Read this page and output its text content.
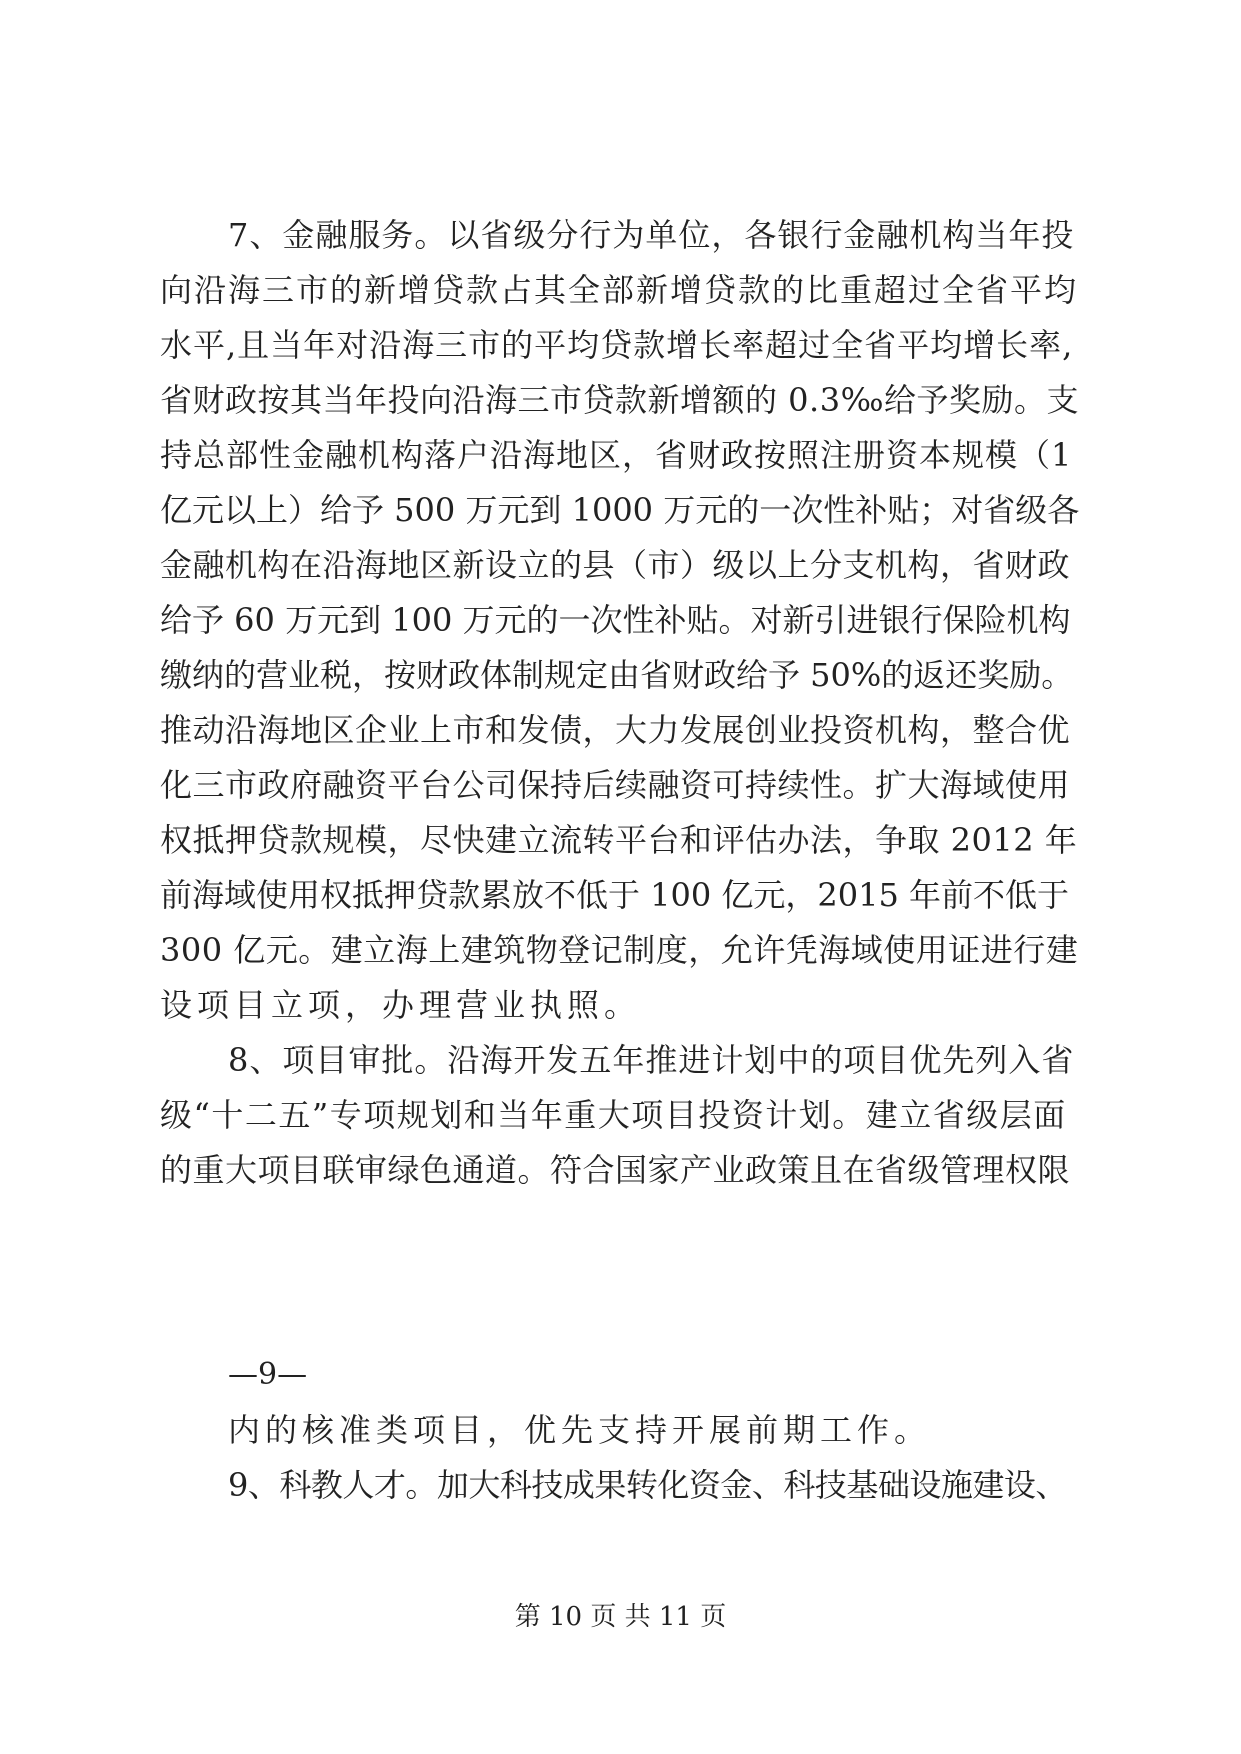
7、金融服务。以省级分行为单位，各银行金融机构当年投
向沿海三市的新增贷款占其全部新增贷款的比重超过全省平均
水平,且当年对沿海三市的平均贷款增长率超过全省平均增长率,
省财政按其当年投向沿海三市贷款新增额的 0.3‰给予奖励。支
持总部性金融机构落户沿海地区，省财政按照注册资本规模（1
亿元以上）给予 500 万元到 1000 万元的一次性补贴；对省级各
金融机构在沿海地区新设立的县（市）级以上分支机构，省财政
给予 60 万元到 100 万元的一次性补贴。对新引进银行保险机构
缴纳的营业税，按财政体制规定由省财政给予 50%的返还奖励。
推动沿海地区企业上市和发债，大力发展创业投资机构，整合优
化三市政府融资平台公司保持后续融资可持续性。扩大海域使用
权抵押贷款规模，尽快建立流转平台和评估办法，争取 2012 年
前海域使用权抵押贷款累放不低于 100 亿元，2015 年前不低于
300 亿元。建立海上建筑物登记制度，允许凭海域使用证进行建
设项目立项，办理营业执照。
8、项目审批。沿海开发五年推进计划中的项目优先列入省
级“十二五”专项规划和当年重大项目投资计划。建立省级层面
的重大项目联审绿色通道。符合国家产业政策且在省级管理权限
—9—
内的核准类项目，优先支持开展前期工作。
9、科教人才。加大科技成果转化资金、科技基础设施建设、
第 10 页 共 11 页
